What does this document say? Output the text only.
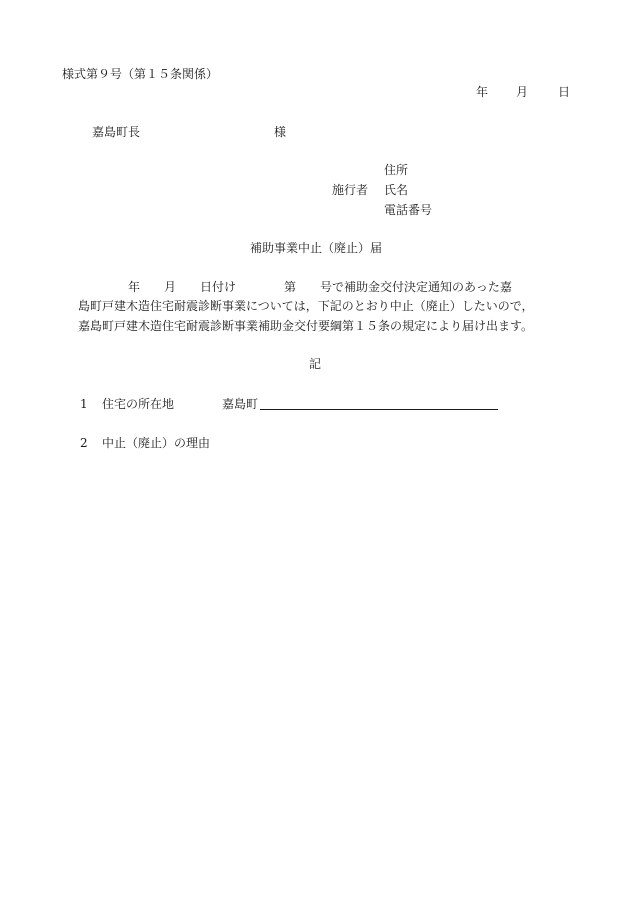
様式第９号（第１５条関係）
年 月	日
嘉島町長	様
施行者
住所
氏名
電話番号
補助事業中止（廃止）届
年　　月　　日付け　　　　第　　号で補助金交付決定通知のあった嘉
島町戸建木造住宅耐震診断事業については，下記のとおり中止（廃止）したいので，
嘉島町戸建木造住宅耐震診断事業補助金交付要綱第１５条の規定により届け出ます。
記
1 住宅の所在地	嘉島町
2 中止（廃止）の理由
